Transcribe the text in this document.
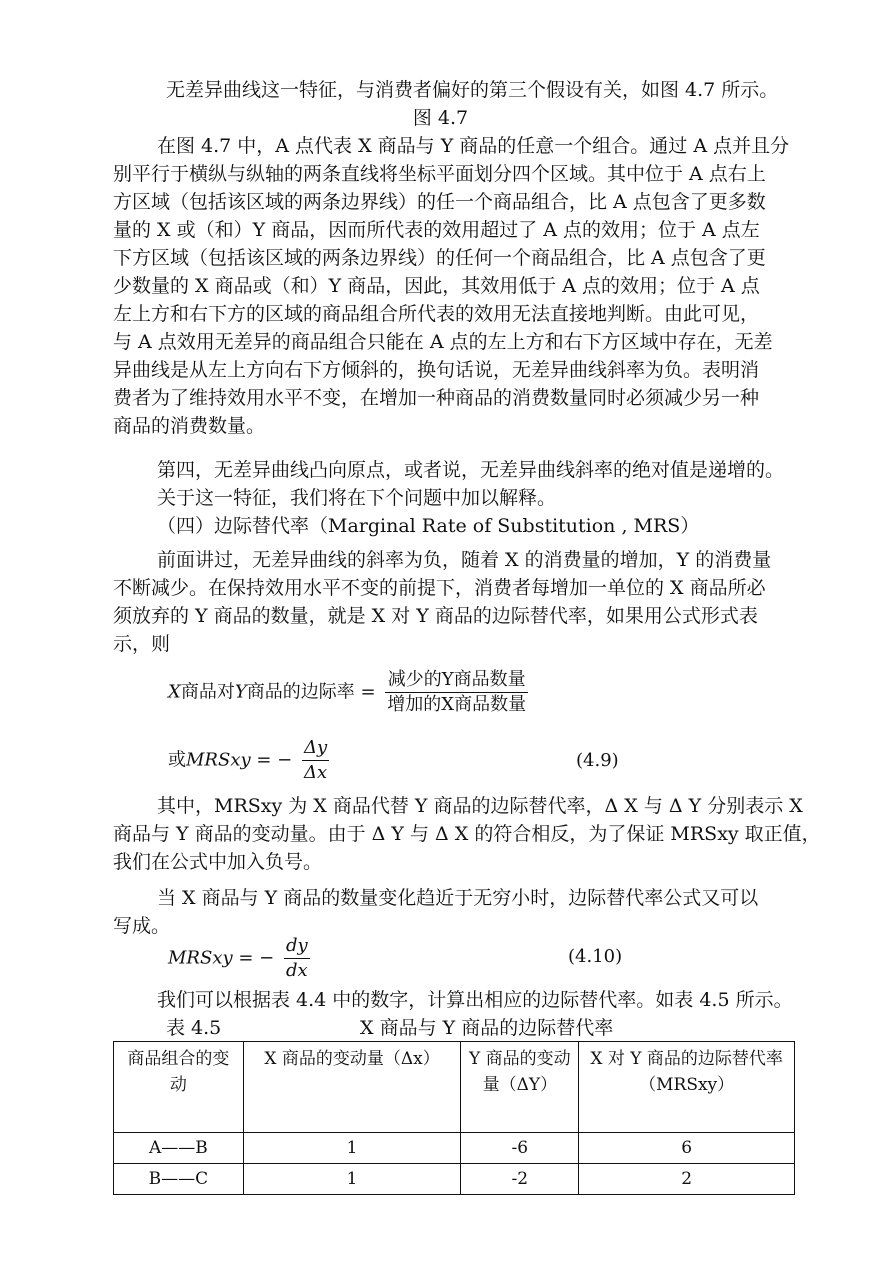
无差异曲线这一特征，与消费者偏好的第三个假设有关，如图 4.7 所示。
图 4.7
在图 4.7 中，A 点代表 X 商品与 Y 商品的任意一个组合。通过 A 点并且分
别平行于横纵与纵轴的两条直线将坐标平面划分四个区域。其中位于 A 点右上
方区域（包括该区域的两条边界线）的任一个商品组合，比 A 点包含了更多数
量的 X 或（和）Y 商品，因而所代表的效用超过了 A 点的效用；位于 A 点左
下方区域（包括该区域的两条边界线）的任何一个商品组合，比 A 点包含了更
少数量的 X 商品或（和）Y 商品，因此，其效用低于 A 点的效用；位于 A 点
左上方和右下方的区域的商品组合所代表的效用无法直接地判断。由此可见，
与 A 点效用无差异的商品组合只能在 A 点的左上方和右下方区域中存在，无差
异曲线是从左上方向右下方倾斜的，换句话说，无差异曲线斜率为负。表明消
费者为了维持效用水平不变，在增加一种商品的消费数量同时必须减少另一种
商品的消费数量。
第四，无差异曲线凸向原点，或者说，无差异曲线斜率的绝对值是递增的。
关于这一特征，我们将在下个问题中加以解释。
（四）边际替代率（Marginal Rate of Substitution , MRS）
前面讲过，无差异曲线的斜率为负，随着 X 的消费量的增加，Y 的消费量
不断减少。在保持效用水平不变的前提下，消费者每增加一单位的 X 商品所必
须放弃的 Y 商品的数量，就是 X 对 Y 商品的边际替代率，如果用公式形式表
示，则
X商品对Y商品的边际率 = $\frac{\text{减少的Y商品数量}}{\text{增加的X商品数量}}$
或MRSxy = − $\frac{\Delta y}{\Delta x}$	(4.9)
其中，MRSxy 为 X 商品代替 Y 商品的边际替代率，Δ X 与 Δ Y 分别表示 X
商品与 Y 商品的变动量。由于 Δ Y 与 Δ X 的符合相反，为了保证 MRSxy 取正值，
我们在公式中加入负号。
当 X 商品与 Y 商品的数量变化趋近于无穷小时，边际替代率公式又可以
写成。
MRSxy = − $\frac{dy}{dx}$	(4.10)
我们可以根据表 4.4 中的数字，计算出相应的边际替代率。如表 4.5 所示。
表 4.5	X 商品与 Y 商品的边际替代率
商品组合的变动	X 商品的变动量（Δx）	Y 商品的变动量（ΔY）	X 对 Y 商品的边际替代率（MRSxy）
A——B	1	-6	6
B——C	1	-2	2
